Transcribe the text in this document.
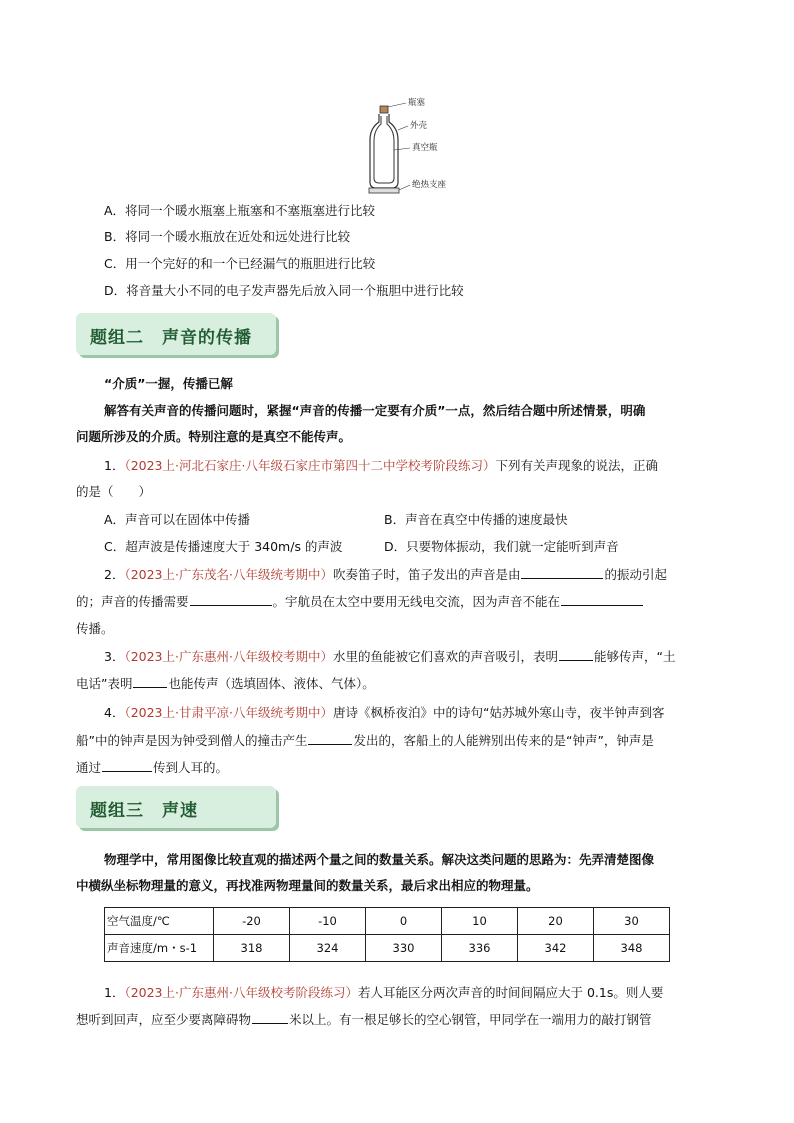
瓶塞
外壳
真空瓶
绝热支座
A．将同一个暖水瓶塞上瓶塞和不塞瓶塞进行比较
B．将同一个暖水瓶放在近处和远处进行比较
C．用一个完好的和一个已经漏气的瓶胆进行比较
D．将音量大小不同的电子发声器先后放入同一个瓶胆中进行比较
题组二　声音的传播
“介质”一握，传播已解
解答有关声音的传播问题时，紧握“声音的传播一定要有介质”一点，然后结合题中所述情景，明确
问题所涉及的介质。特别注意的是真空不能传声。
1．（2023上·河北石家庄·八年级石家庄市第四十二中学校考阶段练习）下列有关声现象的说法，正确
的是（　　）
A．声音可以在固体中传播	B．声音在真空中传播的速度最快
C．超声波是传播速度大于 340m/s 的声波	D．只要物体振动，我们就一定能听到声音
2．（2023上·广东茂名·八年级统考期中）吹奏笛子时，笛子发出的声音是由	的振动引起
的；声音的传播需要	。宇航员在太空中要用无线电交流，因为声音不能在
传播。
3．（2023上·广东惠州·八年级校考期中）水里的鱼能被它们喜欢的声音吸引，表明	能够传声，“土
电话”表明	也能传声（选填固体、液体、气体）。
4．（2023上·甘肃平凉·八年级统考期中）唐诗《枫桥夜泊》中的诗句“姑苏城外寒山寺，夜半钟声到客
船”中的钟声是因为钟受到僧人的撞击产生	发出的，客船上的人能辨别出传来的是“钟声”，钟声是
通过	传到人耳的。
题组三　声速
物理学中，常用图像比较直观的描述两个量之间的数量关系。解决这类问题的思路为：先弄清楚图像
中横纵坐标物理量的意义，再找准两物理量间的数量关系，最后求出相应的物理量。
空气温度/℃	-20	-10	0	10	20	30
声音速度/m・s-1	318	324	330	336	342	348
1．（2023上·广东惠州·八年级校考阶段练习）若人耳能区分两次声音的时间间隔应大于 0.1s。则人要
想听到回声，应至少要离障碍物	米以上。有一根足够长的空心钢管，甲同学在一端用力的敲打钢管
